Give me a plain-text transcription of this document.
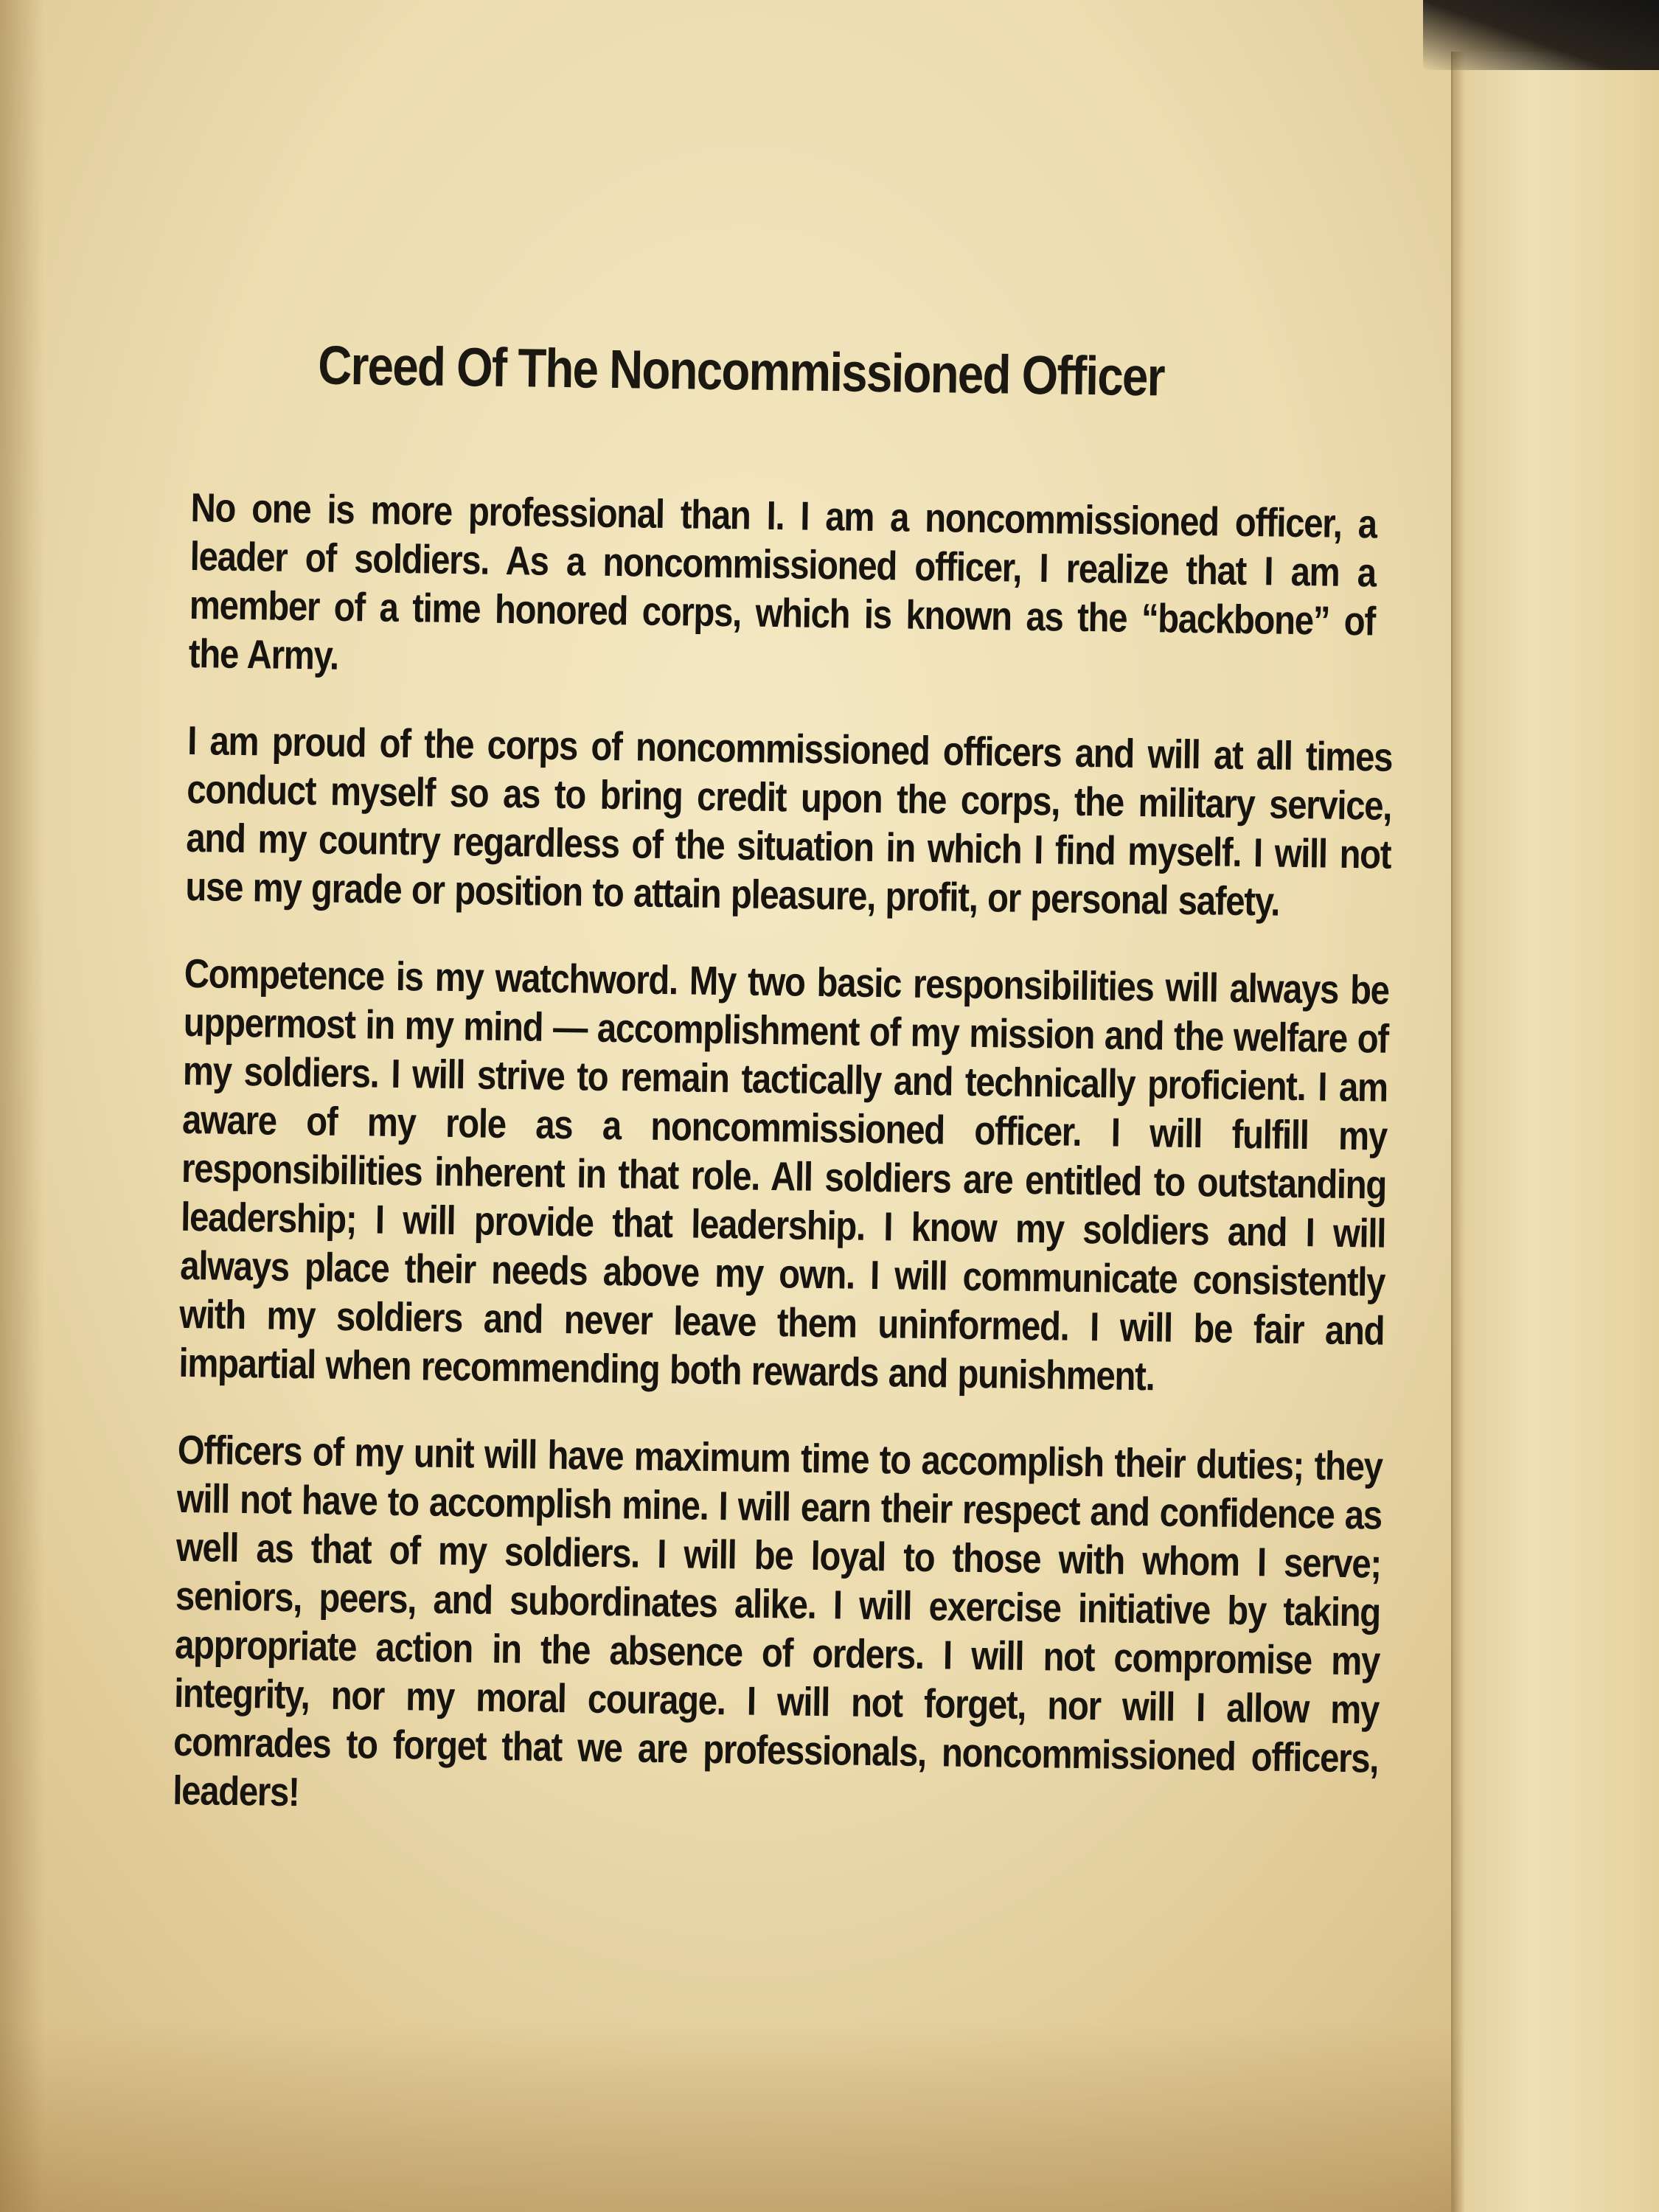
Creed Of The Noncommissioned Officer

No one is more professional than I. I am a noncommissioned officer, a leader of soldiers. As a noncommissioned officer, I realize that I am a member of a time honored corps, which is known as the “backbone” of the Army.

I am proud of the corps of noncommissioned officers and will at all times conduct myself so as to bring credit upon the corps, the military service, and my country regardless of the situation in which I find myself. I will not use my grade or position to attain pleasure, profit, or personal safety.

Competence is my watchword. My two basic responsibilities will always be uppermost in my mind — accomplishment of my mission and the welfare of my soldiers. I will strive to remain tactically and technically proficient. I am aware of my role as a noncommissioned officer. I will fulfill my responsibilities inherent in that role. All soldiers are entitled to outstanding leadership; I will provide that leadership. I know my soldiers and I will always place their needs above my own. I will communicate consistently with my soldiers and never leave them uninformed. I will be fair and impartial when recommending both rewards and punishment.

Officers of my unit will have maximum time to accomplish their duties; they will not have to accomplish mine. I will earn their respect and confidence as well as that of my soldiers. I will be loyal to those with whom I serve; seniors, peers, and subordinates alike. I will exercise initiative by taking appropriate action in the absence of orders. I will not compromise my integrity, nor my moral courage. I will not forget, nor will I allow my comrades to forget that we are professionals, noncommissioned officers, leaders!
